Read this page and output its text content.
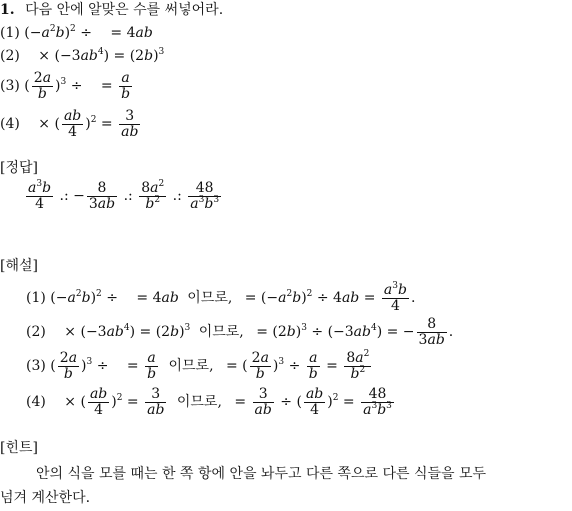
1. 다음 안에 알맞은 수를 써넣어라.
(1) $(-a^2b)^2$ ÷ = 4ab
$(2) \times (-3ab^4) = (2b)^3$
(3) ( $\frac{2a}{b} )^3$ ÷ = $\frac{a}{b}$
(4) × ( $\frac{ab}{4} )^2 = \frac{3}{ab}$
[정답]
$\frac{a^3b}{4}$ .: − $\frac{8}{3ab}$ .: $\frac{8a^2}{b^2}$ .: $\frac{48}{a^3b^3}$
[해설]
(1) $(-a^2b)^2$ ÷ = 4ab 이므로, = $(-a^2b)^2 \div 4ab = \frac{a^3b}{4}$ .
$(2) \times (-3ab^4) = (2b)^3$ 이므로, = $(2b)^3 \div (-3ab^4)$ = − $\frac{8}{3ab}$ .
(3) ( $\frac{2a}{b} )^3$ ÷ = $\frac{a}{b}$ 이므로, = ( $\frac{2a}{b} )^3 \div \frac{a}{b} = \frac{8a^2}{b^2}$
(4) × ( $\frac{ab}{4} )^2 = \frac{3}{ab}$ 이므로, = $\frac{3}{ab}$ ÷ ( $\frac{ab}{4} )^2 = \frac{48}{a^3b^3}$
[힌트]
안의 식을 모를 때는 한 쪽 항에 안을 놔두고 다른 쪽으로 다른 식들을 모두
넘겨 계산한다.
